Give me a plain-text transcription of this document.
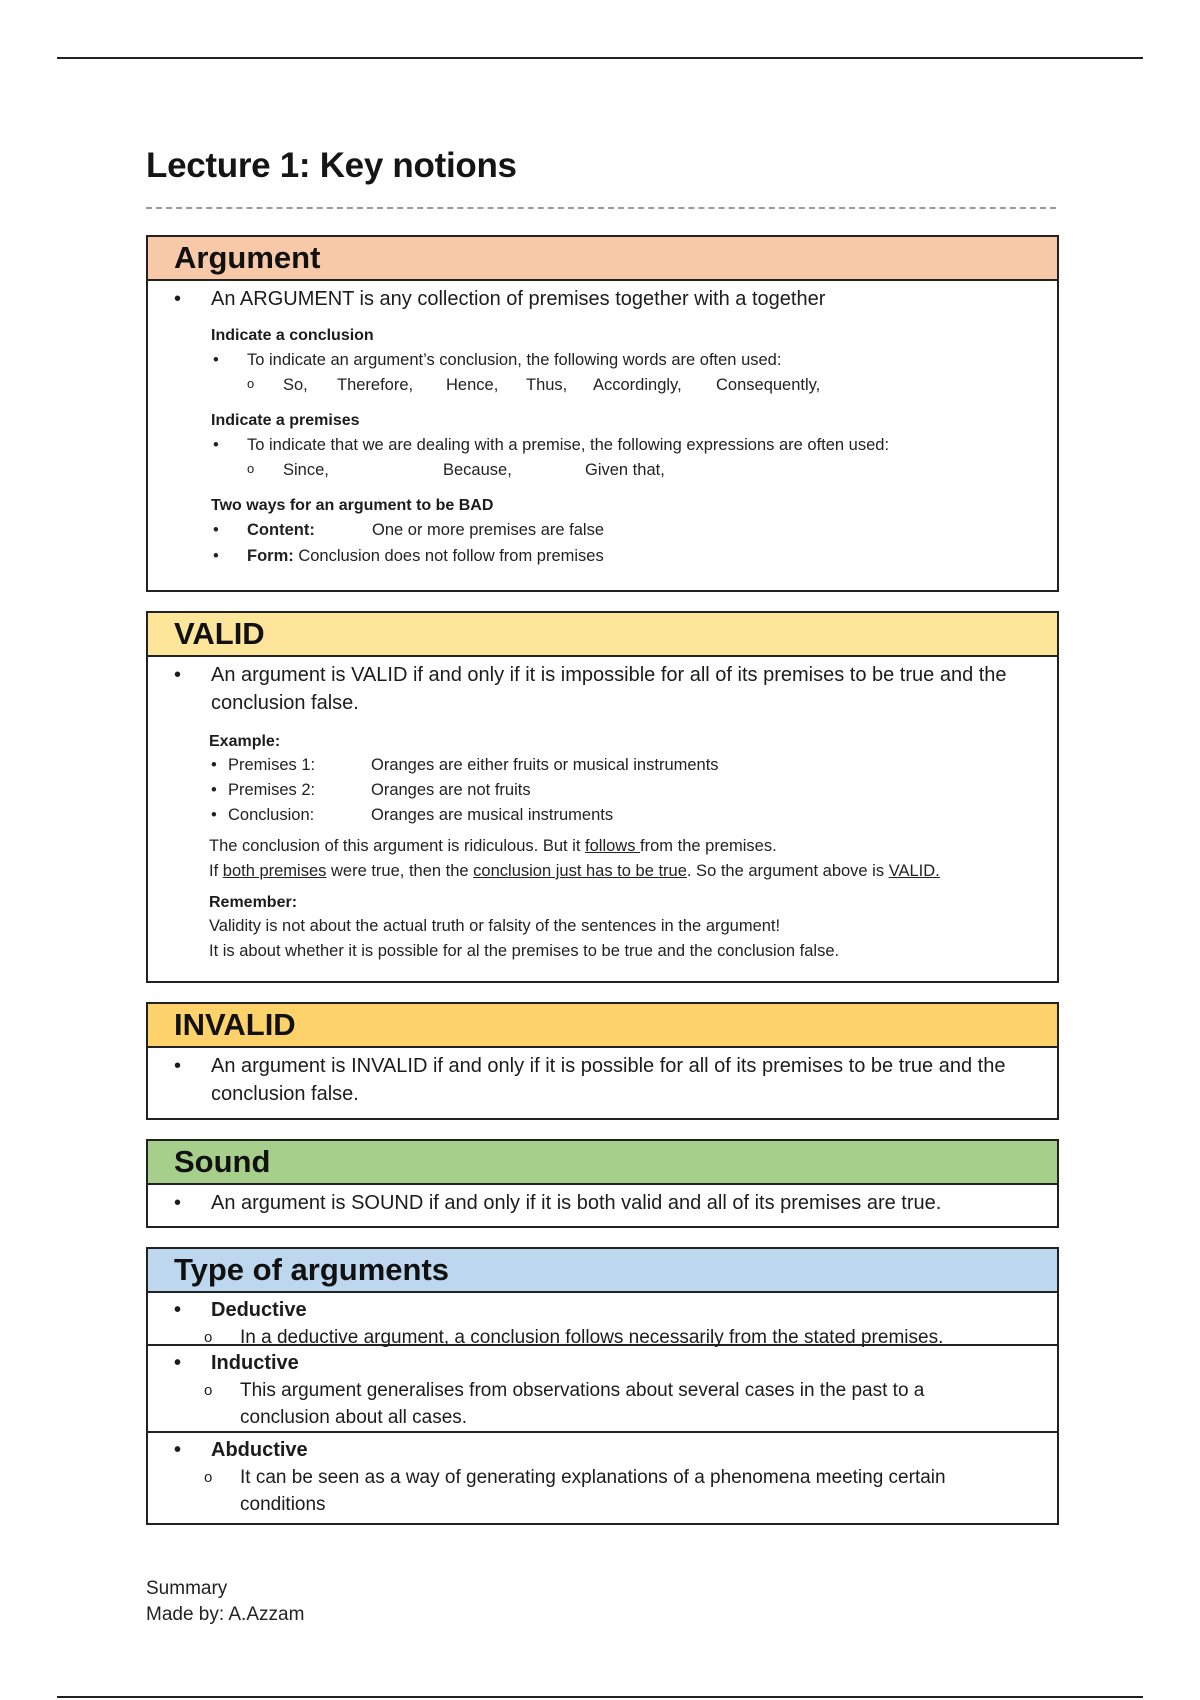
Lecture 1: Key notions
Argument
• An ARGUMENT is any collection of premises together with a together
Indicate a conclusion
• To indicate an argument’s conclusion, the following words are often used:
o So, Therefore, Hence, Thus, Accordingly, Consequently,
Indicate a premises
• To indicate that we are dealing with a premise, the following expressions are often used:
o Since,	Because,	Given that,
Two ways for an argument to be BAD
• Content:	One or more premises are false
• Form: Conclusion does not follow from premises
VALID
• An argument is VALID if and only if it is impossible for all of its premises to be true and the conclusion false.
Example:
• Premises 1:	Oranges are either fruits or musical instruments
• Premises 2:	Oranges are not fruits
• Conclusion:	Oranges are musical instruments
The conclusion of this argument is ridiculous. But it follows from the premises.
If both premises were true, then the conclusion just has to be true. So the argument above is VALID.
Remember:
Validity is not about the actual truth or falsity of the sentences in the argument!
It is about whether it is possible for al the premises to be true and the conclusion false.
INVALID
• An argument is INVALID if and only if it is possible for all of its premises to be true and the conclusion false.
Sound
• An argument is SOUND if and only if it is both valid and all of its premises are true.
Type of arguments
• Deductive
o In a deductive argument, a conclusion follows necessarily from the stated premises.
• Inductive
o This argument generalises from observations about several cases in the past to a conclusion about all cases.
• Abductive
o It can be seen as a way of generating explanations of a phenomena meeting certain conditions
Summary
Made by: A.Azzam
